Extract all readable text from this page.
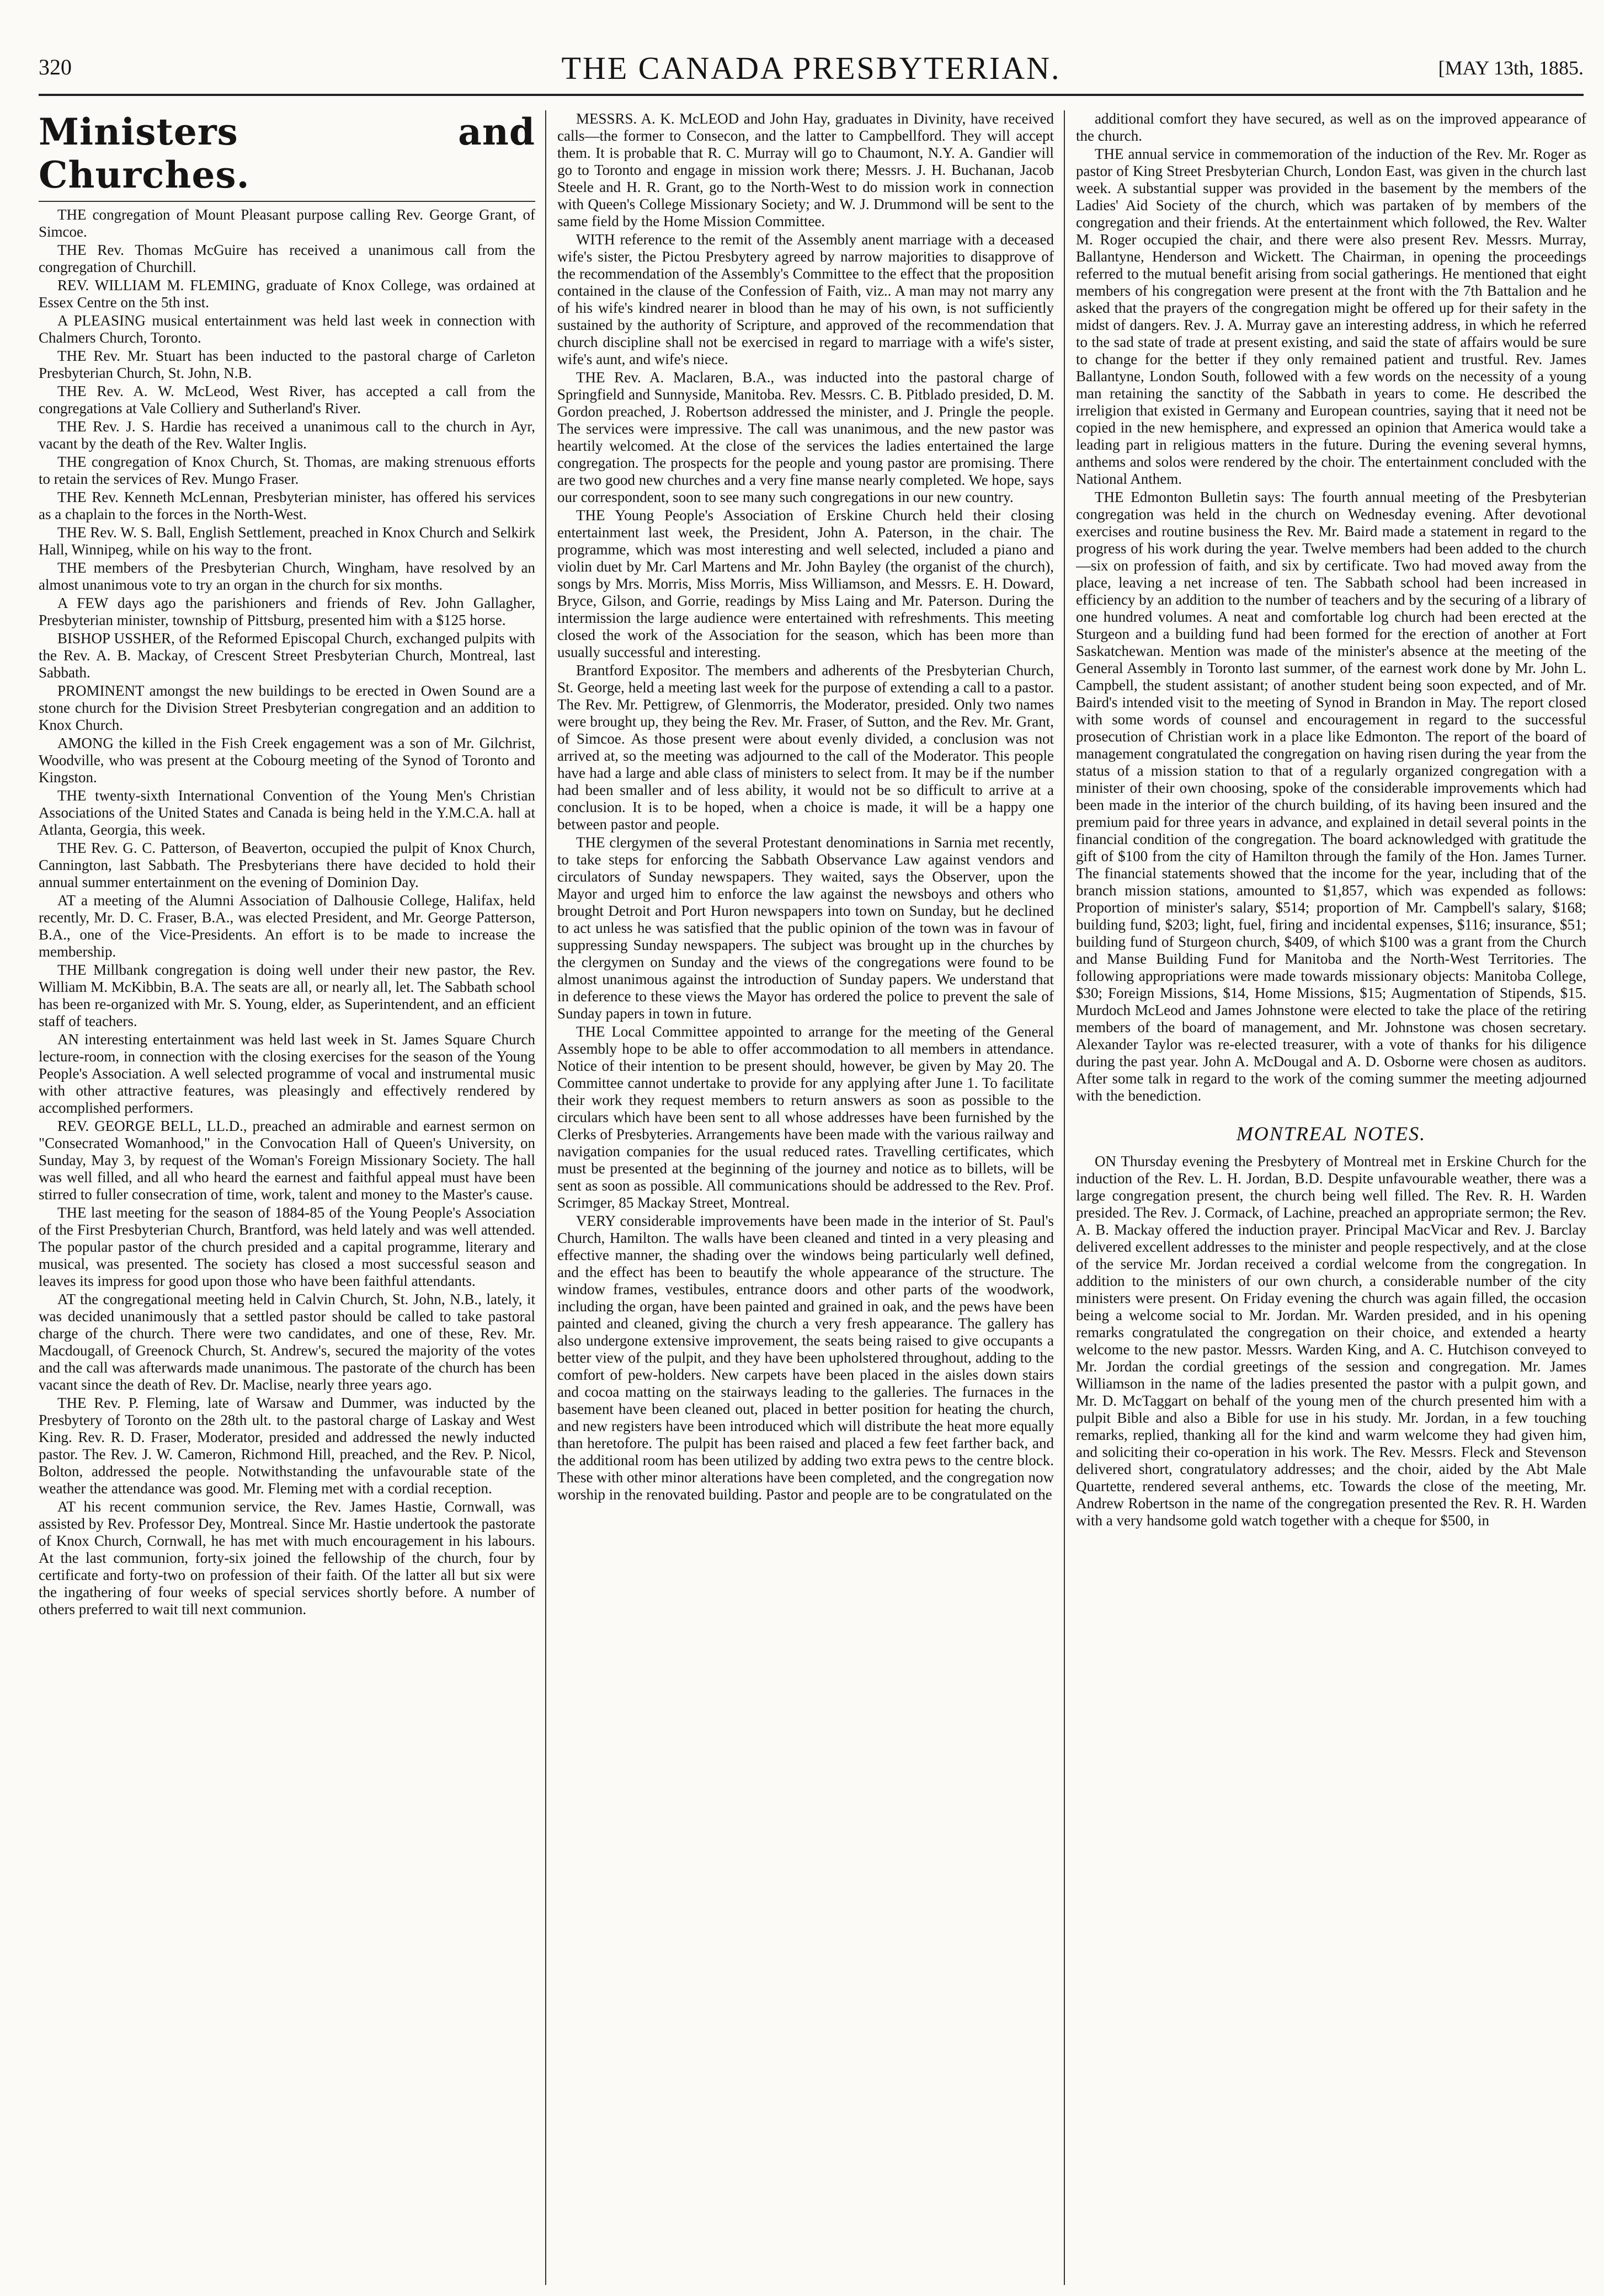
320	THE CANADA PRESBYTERIAN.	[MAY 13th, 1885.
Ministers and Churches.

THE congregation of Mount Pleasant purpose calling Rev. George Grant, of Simcoe.

THE Rev. Thomas McGuire has received a unanimous call from the congregation of Churchill.

REV. WILLIAM M. FLEMING, graduate of Knox College, was ordained at Essex Centre on the 5th inst.

A PLEASING musical entertainment was held last week in connection with Chalmers Church, Toronto.

THE Rev. Mr. Stuart has been inducted to the pastoral charge of Carleton Presbyterian Church, St. John, N.B.

THE Rev. A. W. McLeod, West River, has accepted a call from the congregations at Vale Colliery and Sutherland's River.

THE Rev. J. S. Hardie has received a unanimous call to the church in Ayr, vacant by the death of the Rev. Walter Inglis.

THE congregation of Knox Church, St. Thomas, are making strenuous efforts to retain the services of Rev. Mungo Fraser.

THE Rev. Kenneth McLennan, Presbyterian minister, has offered his services as a chaplain to the forces in the North-West.

THE Rev. W. S. Ball, English Settlement, preached in Knox Church and Selkirk Hall, Winnipeg, while on his way to the front.

THE members of the Presbyterian Church, Wingham, have resolved by an almost unanimous vote to try an organ in the church for six months.

A FEW days ago the parishioners and friends of Rev. John Gallagher, Presbyterian minister, township of Pittsburg, presented him with a $125 horse.

BISHOP USSHER, of the Reformed Episcopal Church, exchanged pulpits with the Rev. A. B. Mackay, of Crescent Street Presbyterian Church, Montreal, last Sabbath.

PROMINENT amongst the new buildings to be erected in Owen Sound are a stone church for the Division Street Presbyterian congregation and an addition to Knox Church.

AMONG the killed in the Fish Creek engagement was a son of Mr. Gilchrist, Woodville, who was present at the Cobourg meeting of the Synod of Toronto and Kingston.

THE twenty-sixth International Convention of the Young Men's Christian Associations of the United States and Canada is being held in the Y.M.C.A. hall at Atlanta, Georgia, this week.

THE Rev. G. C. Patterson, of Beaverton, occupied the pulpit of Knox Church, Cannington, last Sabbath. The Presbyterians there have decided to hold their annual summer entertainment on the evening of Dominion Day.

AT a meeting of the Alumni Association of Dalhousie College, Halifax, held recently, Mr. D. C. Fraser, B.A., was elected President, and Mr. George Patterson, B.A., one of the Vice-Presidents. An effort is to be made to increase the membership.

THE Millbank congregation is doing well under their new pastor, the Rev. William M. McKibbin, B.A. The seats are all, or nearly all, let. The Sabbath school has been re-organized with Mr. S. Young, elder, as Superintendent, and an efficient staff of teachers.

AN interesting entertainment was held last week in St. James Square Church lecture-room, in connection with the closing exercises for the season of the Young People's Association. A well selected programme of vocal and instrumental music with other attractive features, was pleasingly and effectively rendered by accomplished performers.

REV. GEORGE BELL, LL.D., preached an admirable and earnest sermon on "Consecrated Womanhood," in the Convocation Hall of Queen's University, on Sunday, May 3, by request of the Woman's Foreign Missionary Society. The hall was well filled, and all who heard the earnest and faithful appeal must have been stirred to fuller consecration of time, work, talent and money to the Master's cause.

THE last meeting for the season of 1884-85 of the Young People's Association of the First Presbyterian Church, Brantford, was held lately and was well attended. The popular pastor of the church presided and a capital programme, literary and musical, was presented. The society has closed a most successful season and leaves its impress for good upon those who have been faithful attendants.

AT the congregational meeting held in Calvin Church, St. John, N.B., lately, it was decided unanimously that a settled pastor should be called to take pastoral charge of the church. There were two candidates, and one of these, Rev. Mr. Macdougall, of Greenock Church, St. Andrew's, secured the majority of the votes and the call was afterwards made unanimous. The pastorate of the church has been vacant since the death of Rev. Dr. Maclise, nearly three years ago.

THE Rev. P. Fleming, late of Warsaw and Dummer, was inducted by the Presbytery of Toronto on the 28th ult. to the pastoral charge of Laskay and West King. Rev. R. D. Fraser, Moderator, presided and addressed the newly inducted pastor. The Rev. J. W. Cameron, Richmond Hill, preached, and the Rev. P. Nicol, Bolton, addressed the people. Notwithstanding the unfavourable state of the weather the attendance was good. Mr. Fleming met with a cordial reception.

AT his recent communion service, the Rev. James Hastie, Cornwall, was assisted by Rev. Professor Dey, Montreal. Since Mr. Hastie undertook the pastorate of Knox Church, Cornwall, he has met with much encouragement in his labours. At the last communion, forty-six joined the fellowship of the church, four by certificate and forty-two on profession of their faith. Of the latter all but six were the ingathering of four weeks of special services shortly before. A number of others preferred to wait till next communion.

MESSRS. A. K. McLEOD and John Hay, graduates in Divinity, have received calls—the former to Consecon, and the latter to Campbellford. They will accept them. It is probable that R. C. Murray will go to Chaumont, N.Y. A. Gandier will go to Toronto and engage in mission work there; Messrs. J. H. Buchanan, Jacob Steele and H. R. Grant, go to the North-West to do mission work in connection with Queen's College Missionary Society; and W. J. Drummond will be sent to the same field by the Home Mission Committee.

WITH reference to the remit of the Assembly anent marriage with a deceased wife's sister, the Pictou Presbytery agreed by narrow majorities to disapprove of the recommendation of the Assembly's Committee to the effect that the proposition contained in the clause of the Confession of Faith, viz.. A man may not marry any of his wife's kindred nearer in blood than he may of his own, is not sufficiently sustained by the authority of Scripture, and approved of the recommendation that church discipline shall not be exercised in regard to marriage with a wife's sister, wife's aunt, and wife's niece.

THE Rev. A. Maclaren, B.A., was inducted into the pastoral charge of Springfield and Sunnyside, Manitoba. Rev. Messrs. C. B. Pitblado presided, D. M. Gordon preached, J. Robertson addressed the minister, and J. Pringle the people. The services were impressive. The call was unanimous, and the new pastor was heartily welcomed. At the close of the services the ladies entertained the large congregation. The prospects for the people and young pastor are promising. There are two good new churches and a very fine manse nearly completed. We hope, says our correspondent, soon to see many such congregations in our new country.

THE Young People's Association of Erskine Church held their closing entertainment last week, the President, John A. Paterson, in the chair. The programme, which was most interesting and well selected, included a piano and violin duet by Mr. Carl Martens and Mr. John Bayley (the organist of the church), songs by Mrs. Morris, Miss Morris, Miss Williamson, and Messrs. E. H. Doward, Bryce, Gilson, and Gorrie, readings by Miss Laing and Mr. Paterson. During the intermission the large audience were entertained with refreshments. This meeting closed the work of the Association for the season, which has been more than usually successful and interesting.

Brantford Expositor. The members and adherents of the Presbyterian Church, St. George, held a meeting last week for the purpose of extending a call to a pastor. The Rev. Mr. Pettigrew, of Glenmorris, the Moderator, presided. Only two names were brought up, they being the Rev. Mr. Fraser, of Sutton, and the Rev. Mr. Grant, of Simcoe. As those present were about evenly divided, a conclusion was not arrived at, so the meeting was adjourned to the call of the Moderator. This people have had a large and able class of ministers to select from. It may be if the number had been smaller and of less ability, it would not be so difficult to arrive at a conclusion. It is to be hoped, when a choice is made, it will be a happy one between pastor and people.

THE clergymen of the several Protestant denominations in Sarnia met recently, to take steps for enforcing the Sabbath Observance Law against vendors and circulators of Sunday newspapers. They waited, says the Observer, upon the Mayor and urged him to enforce the law against the newsboys and others who brought Detroit and Port Huron newspapers into town on Sunday, but he declined to act unless he was satisfied that the public opinion of the town was in favour of suppressing Sunday newspapers. The subject was brought up in the churches by the clergymen on Sunday and the views of the congregations were found to be almost unanimous against the introduction of Sunday papers. We understand that in deference to these views the Mayor has ordered the police to prevent the sale of Sunday papers in town in future.

THE Local Committee appointed to arrange for the meeting of the General Assembly hope to be able to offer accommodation to all members in attendance. Notice of their intention to be present should, however, be given by May 20. The Committee cannot undertake to provide for any applying after June 1. To facilitate their work they request members to return answers as soon as possible to the circulars which have been sent to all whose addresses have been furnished by the Clerks of Presbyteries. Arrangements have been made with the various railway and navigation companies for the usual reduced rates. Travelling certificates, which must be presented at the beginning of the journey and notice as to billets, will be sent as soon as possible. All communications should be addressed to the Rev. Prof. Scrimger, 85 Mackay Street, Montreal.

VERY considerable improvements have been made in the interior of St. Paul's Church, Hamilton. The walls have been cleaned and tinted in a very pleasing and effective manner, the shading over the windows being particularly well defined, and the effect has been to beautify the whole appearance of the structure. The window frames, vestibules, entrance doors and other parts of the woodwork, including the organ, have been painted and grained in oak, and the pews have been painted and cleaned, giving the church a very fresh appearance. The gallery has also undergone extensive improvement, the seats being raised to give occupants a better view of the pulpit, and they have been upholstered throughout, adding to the comfort of pew-holders. New carpets have been placed in the aisles down stairs and cocoa matting on the stairways leading to the galleries. The furnaces in the basement have been cleaned out, placed in better position for heating the church, and new registers have been introduced which will distribute the heat more equally than heretofore. The pulpit has been raised and placed a few feet farther back, and the additional room has been utilized by adding two extra pews to the centre block. These with other minor alterations have been completed, and the congregation now worship in the renovated building. Pastor and people are to be congratulated on the

additional comfort they have secured, as well as on the improved appearance of the church.

THE annual service in commemoration of the induction of the Rev. Mr. Roger as pastor of King Street Presbyterian Church, London East, was given in the church last week. A substantial supper was provided in the basement by the members of the Ladies' Aid Society of the church, which was partaken of by members of the congregation and their friends. At the entertainment which followed, the Rev. Walter M. Roger occupied the chair, and there were also present Rev. Messrs. Murray, Ballantyne, Henderson and Wickett. The Chairman, in opening the proceedings referred to the mutual benefit arising from social gatherings. He mentioned that eight members of his congregation were present at the front with the 7th Battalion and he asked that the prayers of the congregation might be offered up for their safety in the midst of dangers. Rev. J. A. Murray gave an interesting address, in which he referred to the sad state of trade at present existing, and said the state of affairs would be sure to change for the better if they only remained patient and trustful. Rev. James Ballantyne, London South, followed with a few words on the necessity of a young man retaining the sanctity of the Sabbath in years to come. He described the irreligion that existed in Germany and European countries, saying that it need not be copied in the new hemisphere, and expressed an opinion that America would take a leading part in religious matters in the future. During the evening several hymns, anthems and solos were rendered by the choir. The entertainment concluded with the National Anthem.

THE Edmonton Bulletin says: The fourth annual meeting of the Presbyterian congregation was held in the church on Wednesday evening. After devotional exercises and routine business the Rev. Mr. Baird made a statement in regard to the progress of his work during the year. Twelve members had been added to the church—six on profession of faith, and six by certificate. Two had moved away from the place, leaving a net increase of ten. The Sabbath school had been increased in efficiency by an addition to the number of teachers and by the securing of a library of one hundred volumes. A neat and comfortable log church had been erected at the Sturgeon and a building fund had been formed for the erection of another at Fort Saskatchewan. Mention was made of the minister's absence at the meeting of the General Assembly in Toronto last summer, of the earnest work done by Mr. John L. Campbell, the student assistant; of another student being soon expected, and of Mr. Baird's intended visit to the meeting of Synod in Brandon in May. The report closed with some words of counsel and encouragement in regard to the successful prosecution of Christian work in a place like Edmonton. The report of the board of management congratulated the congregation on having risen during the year from the status of a mission station to that of a regularly organized congregation with a minister of their own choosing, spoke of the considerable improvements which had been made in the interior of the church building, of its having been insured and the premium paid for three years in advance, and explained in detail several points in the financial condition of the congregation. The board acknowledged with gratitude the gift of $100 from the city of Hamilton through the family of the Hon. James Turner. The financial statements showed that the income for the year, including that of the branch mission stations, amounted to $1,857, which was expended as follows: Proportion of minister's salary, $514; proportion of Mr. Campbell's salary, $168; building fund, $203; light, fuel, firing and incidental expenses, $116; insurance, $51; building fund of Sturgeon church, $409, of which $100 was a grant from the Church and Manse Building Fund for Manitoba and the North-West Territories. The following appropriations were made towards missionary objects: Manitoba College, $30; Foreign Missions, $14, Home Missions, $15; Augmentation of Stipends, $15. Murdoch McLeod and James Johnstone were elected to take the place of the retiring members of the board of management, and Mr. Johnstone was chosen secretary. Alexander Taylor was re-elected treasurer, with a vote of thanks for his diligence during the past year. John A. McDougal and A. D. Osborne were chosen as auditors. After some talk in regard to the work of the coming summer the meeting adjourned with the benediction.

MONTREAL NOTES.

ON Thursday evening the Presbytery of Montreal met in Erskine Church for the induction of the Rev. L. H. Jordan, B.D. Despite unfavourable weather, there was a large congregation present, the church being well filled. The Rev. R. H. Warden presided. The Rev. J. Cormack, of Lachine, preached an appropriate sermon; the Rev. A. B. Mackay offered the induction prayer. Principal MacVicar and Rev. J. Barclay delivered excellent addresses to the minister and people respectively, and at the close of the service Mr. Jordan received a cordial welcome from the congregation. In addition to the ministers of our own church, a considerable number of the city ministers were present. On Friday evening the church was again filled, the occasion being a welcome social to Mr. Jordan. Mr. Warden presided, and in his opening remarks congratulated the congregation on their choice, and extended a hearty welcome to the new pastor. Messrs. Warden King, and A. C. Hutchison conveyed to Mr. Jordan the cordial greetings of the session and congregation. Mr. James Williamson in the name of the ladies presented the pastor with a pulpit gown, and Mr. D. McTaggart on behalf of the young men of the church presented him with a pulpit Bible and also a Bible for use in his study. Mr. Jordan, in a few touching remarks, replied, thanking all for the kind and warm welcome they had given him, and soliciting their co-operation in his work. The Rev. Messrs. Fleck and Stevenson delivered short, congratulatory addresses; and the choir, aided by the Abt Male Quartette, rendered several anthems, etc. Towards the close of the meeting, Mr. Andrew Robertson in the name of the congregation presented the Rev. R. H. Warden with a very handsome gold watch together with a cheque for $500, in
